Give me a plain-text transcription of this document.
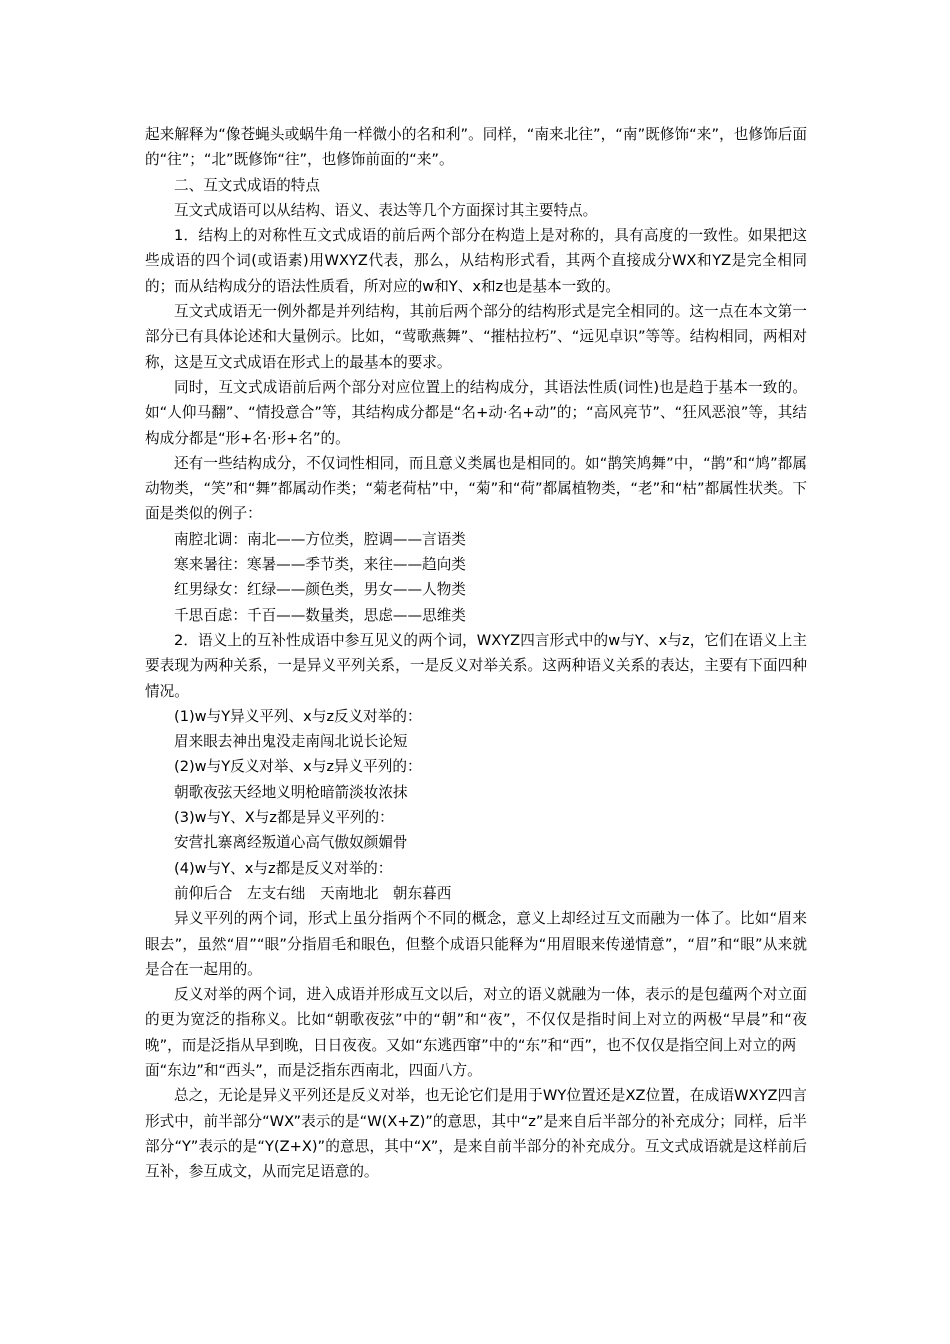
起来解释为“像苍蝇头或蜗牛角一样微小的名和利”。同样，“南来北往”，“南”既修饰“来”，也修饰后面的“往”；“北”既修饰“往”，也修饰前面的“来”。

二、互文式成语的特点

互文式成语可以从结构、语义、表达等几个方面探讨其主要特点。

1．结构上的对称性互文式成语的前后两个部分在构造上是对称的，具有高度的一致性。如果把这些成语的四个词(或语素)用WXYZ代表，那么，从结构形式看，其两个直接成分WX和YZ是完全相同的；而从结构成分的语法性质看，所对应的w和Y、x和z也是基本一致的。

互文式成语无一例外都是并列结构，其前后两个部分的结构形式是完全相同的。这一点在本文第一部分已有具体论述和大量例示。比如，“莺歌燕舞”、“摧枯拉朽”、“远见卓识”等等。结构相同，两相对称，这是互文式成语在形式上的最基本的要求。

同时，互文式成语前后两个部分对应位置上的结构成分，其语法性质(词性)也是趋于基本一致的。如“人仰马翻”、“情投意合”等，其结构成分都是“名+动·名+动”的；“高风亮节”、“狂风恶浪”等，其结构成分都是“形+名·形+名”的。

还有一些结构成分，不仅词性相同，而且意义类属也是相同的。如“鹊笑鸠舞”中，“鹊”和“鸠”都属动物类，“笑”和“舞”都属动作类；“菊老荷枯”中，“菊”和“荷”都属植物类，“老”和“枯”都属性状类。下面是类似的例子：

南腔北调：南北——方位类，腔调——言语类

寒来暑往：寒暑——季节类，来往——趋向类

红男绿女：红绿——颜色类，男女——人物类

千思百虑：千百——数量类，思虑——思维类

2．语义上的互补性成语中参互见义的两个词，WXYZ四言形式中的w与Y、x与z，它们在语义上主要表现为两种关系，一是异义平列关系，一是反义对举关系。这两种语义关系的表达，主要有下面四种情况。

(1)w与Y异义平列、x与z反义对举的：

眉来眼去神出鬼没走南闯北说长论短

(2)w与Y反义对举、x与z异义平列的：

朝歌夜弦天经地义明枪暗箭淡妆浓抹

(3)w与Y、X与z都是异义平列的：

安营扎寨离经叛道心高气傲奴颜媚骨

(4)w与Y、x与z都是反义对举的：

前仰后合　左支右绌　天南地北　朝东暮西

异义平列的两个词，形式上虽分指两个不同的概念，意义上却经过互文而融为一体了。比如“眉来眼去”，虽然“眉”“眼”分指眉毛和眼色，但整个成语只能释为“用眉眼来传递情意”，“眉”和“眼”从来就是合在一起用的。

反义对举的两个词，进入成语并形成互文以后，对立的语义就融为一体，表示的是包蕴两个对立面的更为宽泛的指称义。比如“朝歌夜弦”中的“朝”和“夜”，不仅仅是指时间上对立的两极“早晨”和“夜晚”，而是泛指从早到晚，日日夜夜。又如“东逃西窜”中的“东”和“西”，也不仅仅是指空间上对立的两

面“东边”和“西头”，而是泛指东西南北，四面八方。

总之，无论是异义平列还是反义对举，也无论它们是用于WY位置还是XZ位置，在成语WXYZ四言形式中，前半部分“WX”表示的是“W(X+Z)”的意思，其中“z”是来自后半部分的补充成分；同样，后半部分“Y”表示的是“Y(Z+X)”的意思，其中“X”，是来自前半部分的补充成分。互文式成语就是这样前后互补，参互成文，从而完足语意的。
